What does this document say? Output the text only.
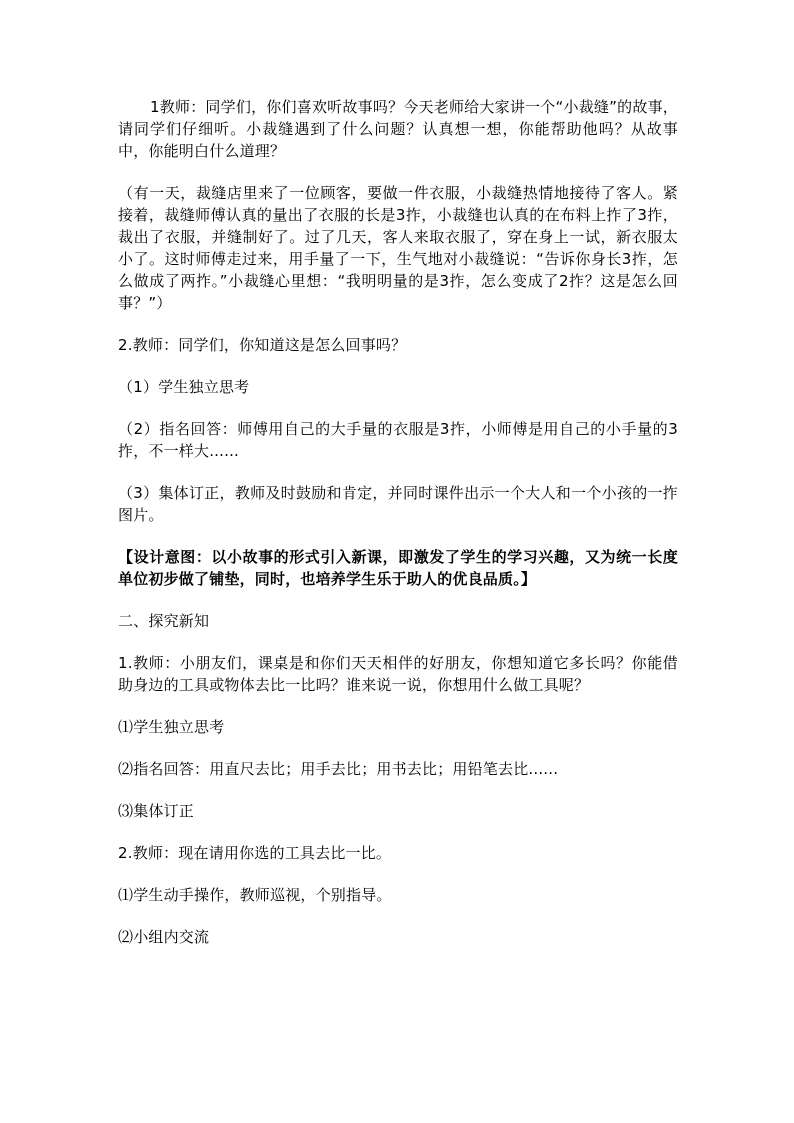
1教师：同学们，你们喜欢听故事吗？今天老师给大家讲一个“小裁缝”的故事，请同学们仔细听。小裁缝遇到了什么问题？认真想一想，你能帮助他吗？从故事中，你能明白什么道理？

（有一天，裁缝店里来了一位顾客，要做一件衣服，小裁缝热情地接待了客人。紧接着，裁缝师傅认真的量出了衣服的长是3拃，小裁缝也认真的在布料上拃了3拃，裁出了衣服，并缝制好了。过了几天，客人来取衣服了，穿在身上一试，新衣服太小了。这时师傅走过来，用手量了一下，生气地对小裁缝说：“告诉你身长3拃，怎么做成了两拃。”小裁缝心里想：“我明明量的是3拃，怎么变成了2拃？这是怎么回事？”）

2.教师：同学们，你知道这是怎么回事吗？

（1）学生独立思考

（2）指名回答：师傅用自己的大手量的衣服是3拃，小师傅是用自己的小手量的3拃，不一样大......

（3）集体订正，教师及时鼓励和肯定，并同时课件出示一个大人和一个小孩的一拃图片。

【设计意图：以小故事的形式引入新课，即激发了学生的学习兴趣，又为统一长度单位初步做了铺垫，同时，也培养学生乐于助人的优良品质。】

二、探究新知

1.教师：小朋友们，课桌是和你们天天相伴的好朋友，你想知道它多长吗？你能借助身边的工具或物体去比一比吗？谁来说一说，你想用什么做工具呢？

⑴学生独立思考

⑵指名回答：用直尺去比；用手去比；用书去比；用铅笔去比......

⑶集体订正

2.教师：现在请用你选的工具去比一比。

⑴学生动手操作，教师巡视，个别指导。

⑵小组内交流
